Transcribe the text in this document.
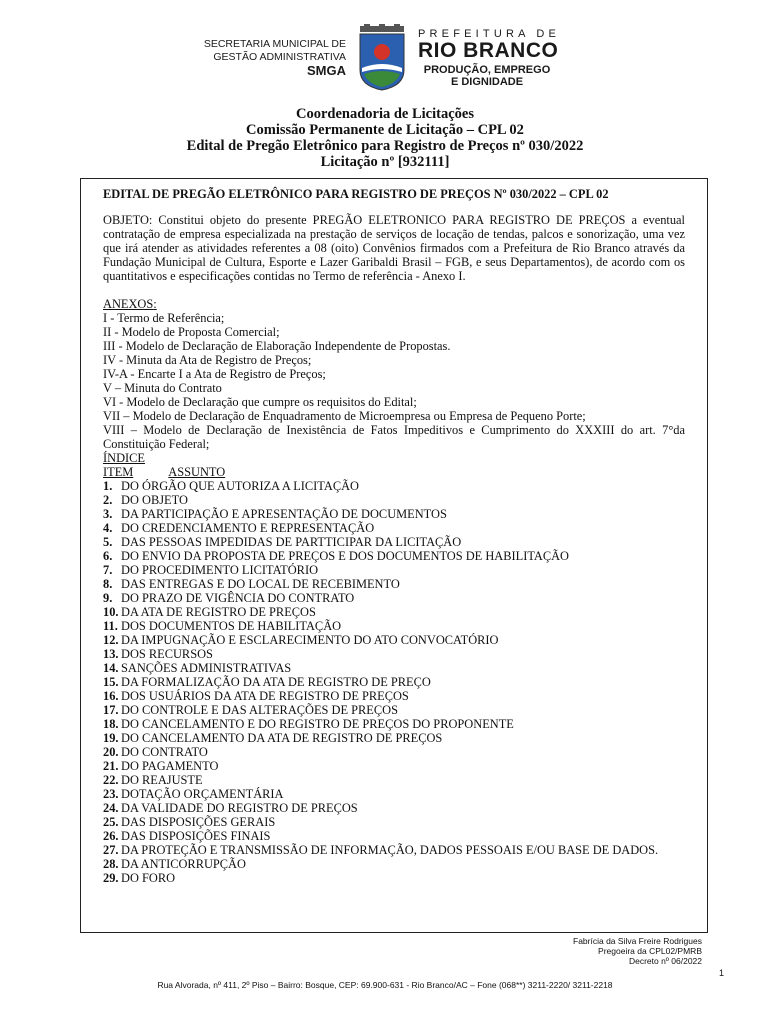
SECRETARIA MUNICIPAL DE
GESTÃO ADMINISTRATIVA
SMGA
PREFEITURA DE
RIO BRANCO
PRODUÇÃO, EMPREGO
E DIGNIDADE
Coordenadoria de Licitações
Comissão Permanente de Licitação – CPL 02
Edital de Pregão Eletrônico para Registro de Preços nº 030/2022
Licitação nº [932111]

EDITAL DE PREGÃO ELETRÔNICO PARA REGISTRO DE PREÇOS Nº 030/2022 – CPL 02

OBJETO: Constitui objeto do presente PREGÃO ELETRONICO PARA REGISTRO DE PREÇOS a eventual contratação de empresa especializada na prestação de serviços de locação de tendas, palcos e sonorização, uma vez que irá atender as atividades referentes a 08 (oito) Convênios firmados com a Prefeitura de Rio Branco através da Fundação Municipal de Cultura, Esporte e Lazer Garibaldi Brasil – FGB, e seus Departamentos), de acordo com os quantitativos e especificações contidas no Termo de referência - Anexo I.

ANEXOS:

I - Termo de Referência;

II - Modelo de Proposta Comercial;

III - Modelo de Declaração de Elaboração Independente de Propostas.

IV - Minuta da Ata de Registro de Preços;

IV-A - Encarte I a Ata de Registro de Preços;

V – Minuta do Contrato

VI - Modelo de Declaração que cumpre os requisitos do Edital;

VII – Modelo de Declaração de Enquadramento de Microempresa ou Empresa de Pequeno Porte;

VIII – Modelo de Declaração de Inexistência de Fatos Impeditivos e Cumprimento do XXXIII do art. 7°da Constituição Federal;

ÍNDICE

ITEM	ASSUNTO

1. DO ÓRGÃO QUE AUTORIZA A LICITAÇÃO
2. DO OBJETO
3. DA PARTICIPAÇÃO E APRESENTAÇÃO DE DOCUMENTOS
4. DO CREDENCIAMENTO E REPRESENTAÇÃO
5. DAS PESSOAS IMPEDIDAS DE PARTTICIPAR DA LICITAÇÃO
6. DO ENVIO DA PROPOSTA DE PREÇOS E DOS DOCUMENTOS DE HABILITAÇÃO
7. DO PROCEDIMENTO LICITATÓRIO
8. DAS ENTREGAS E DO LOCAL DE RECEBIMENTO
9. DO PRAZO DE VIGÊNCIA DO CONTRATO
10. DA ATA DE REGISTRO DE PREÇOS
11. DOS DOCUMENTOS DE HABILITAÇÃO
12. DA IMPUGNAÇÃO E ESCLARECIMENTO DO ATO CONVOCATÓRIO
13. DOS RECURSOS
14. SANÇÕES ADMINISTRATIVAS
15. DA FORMALIZAÇÃO DA ATA DE REGISTRO DE PREÇO
16. DOS USUÁRIOS DA ATA DE REGISTRO DE PREÇOS
17. DO CONTROLE E DAS ALTERAÇÕES DE PREÇOS
18. DO CANCELAMENTO E DO REGISTRO DE PREÇOS DO PROPONENTE
19. DO CANCELAMENTO DA ATA DE REGISTRO DE PREÇOS
20. DO CONTRATO
21. DO PAGAMENTO
22. DO REAJUSTE
23. DOTAÇÃO ORÇAMENTÁRIA
24. DA VALIDADE DO REGISTRO DE PREÇOS
25. DAS DISPOSIÇÕES GERAIS
26. DAS DISPOSIÇÕES FINAIS
27. DA PROTEÇÃO E TRANSMISSÃO DE INFORMAÇÃO, DADOS PESSOAIS E/OU BASE DE DADOS.
28. DA ANTICORRUPÇÃO
29. DO FORO
Fabrícia da Silva Freire Rodrigues
Pregoeira da CPL02/PMRB
Decreto nº 06/2022
1
Rua Alvorada, nº 411, 2º Piso – Bairro: Bosque, CEP: 69.900-631 - Rio Branco/AC – Fone (068**) 3211-2220/ 3211-2218
